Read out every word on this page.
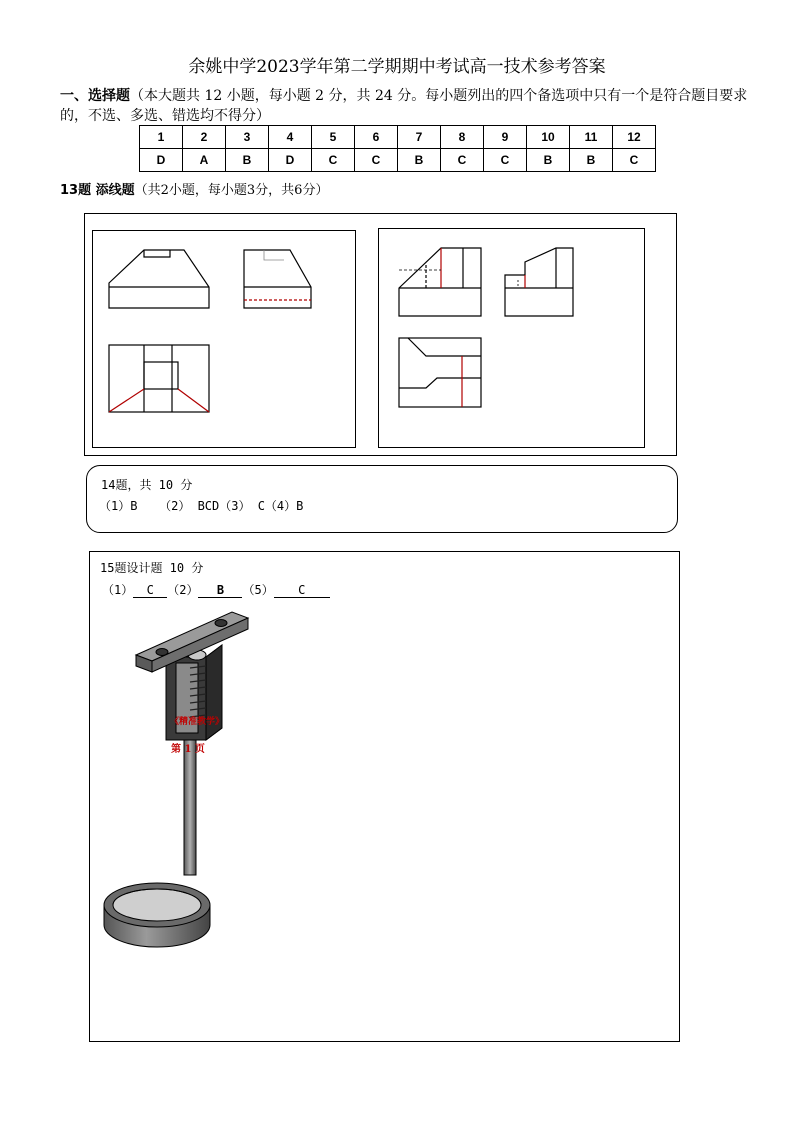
余姚中学2023学年第二学期期中考试高一技术参考答案
一、选择题（本大题共 12 小题，每小题 2 分，共 24 分。每小题列出的四个备选项中只有一个是符合题目要求的，不选、多选、错选均不得分）
1	2	3	4	5	6	7	8	9	10	11	12
D	A	B	D	C	C	B	C	C	B	B	C
13题 添线题（共2小题，每小题3分，共6分）
14题，共 10 分
（1）B   （2） BCD（3） C（4）B
15题设计题 10 分
（1） C （2） B （5） C
《精准教学》
第 1 页
